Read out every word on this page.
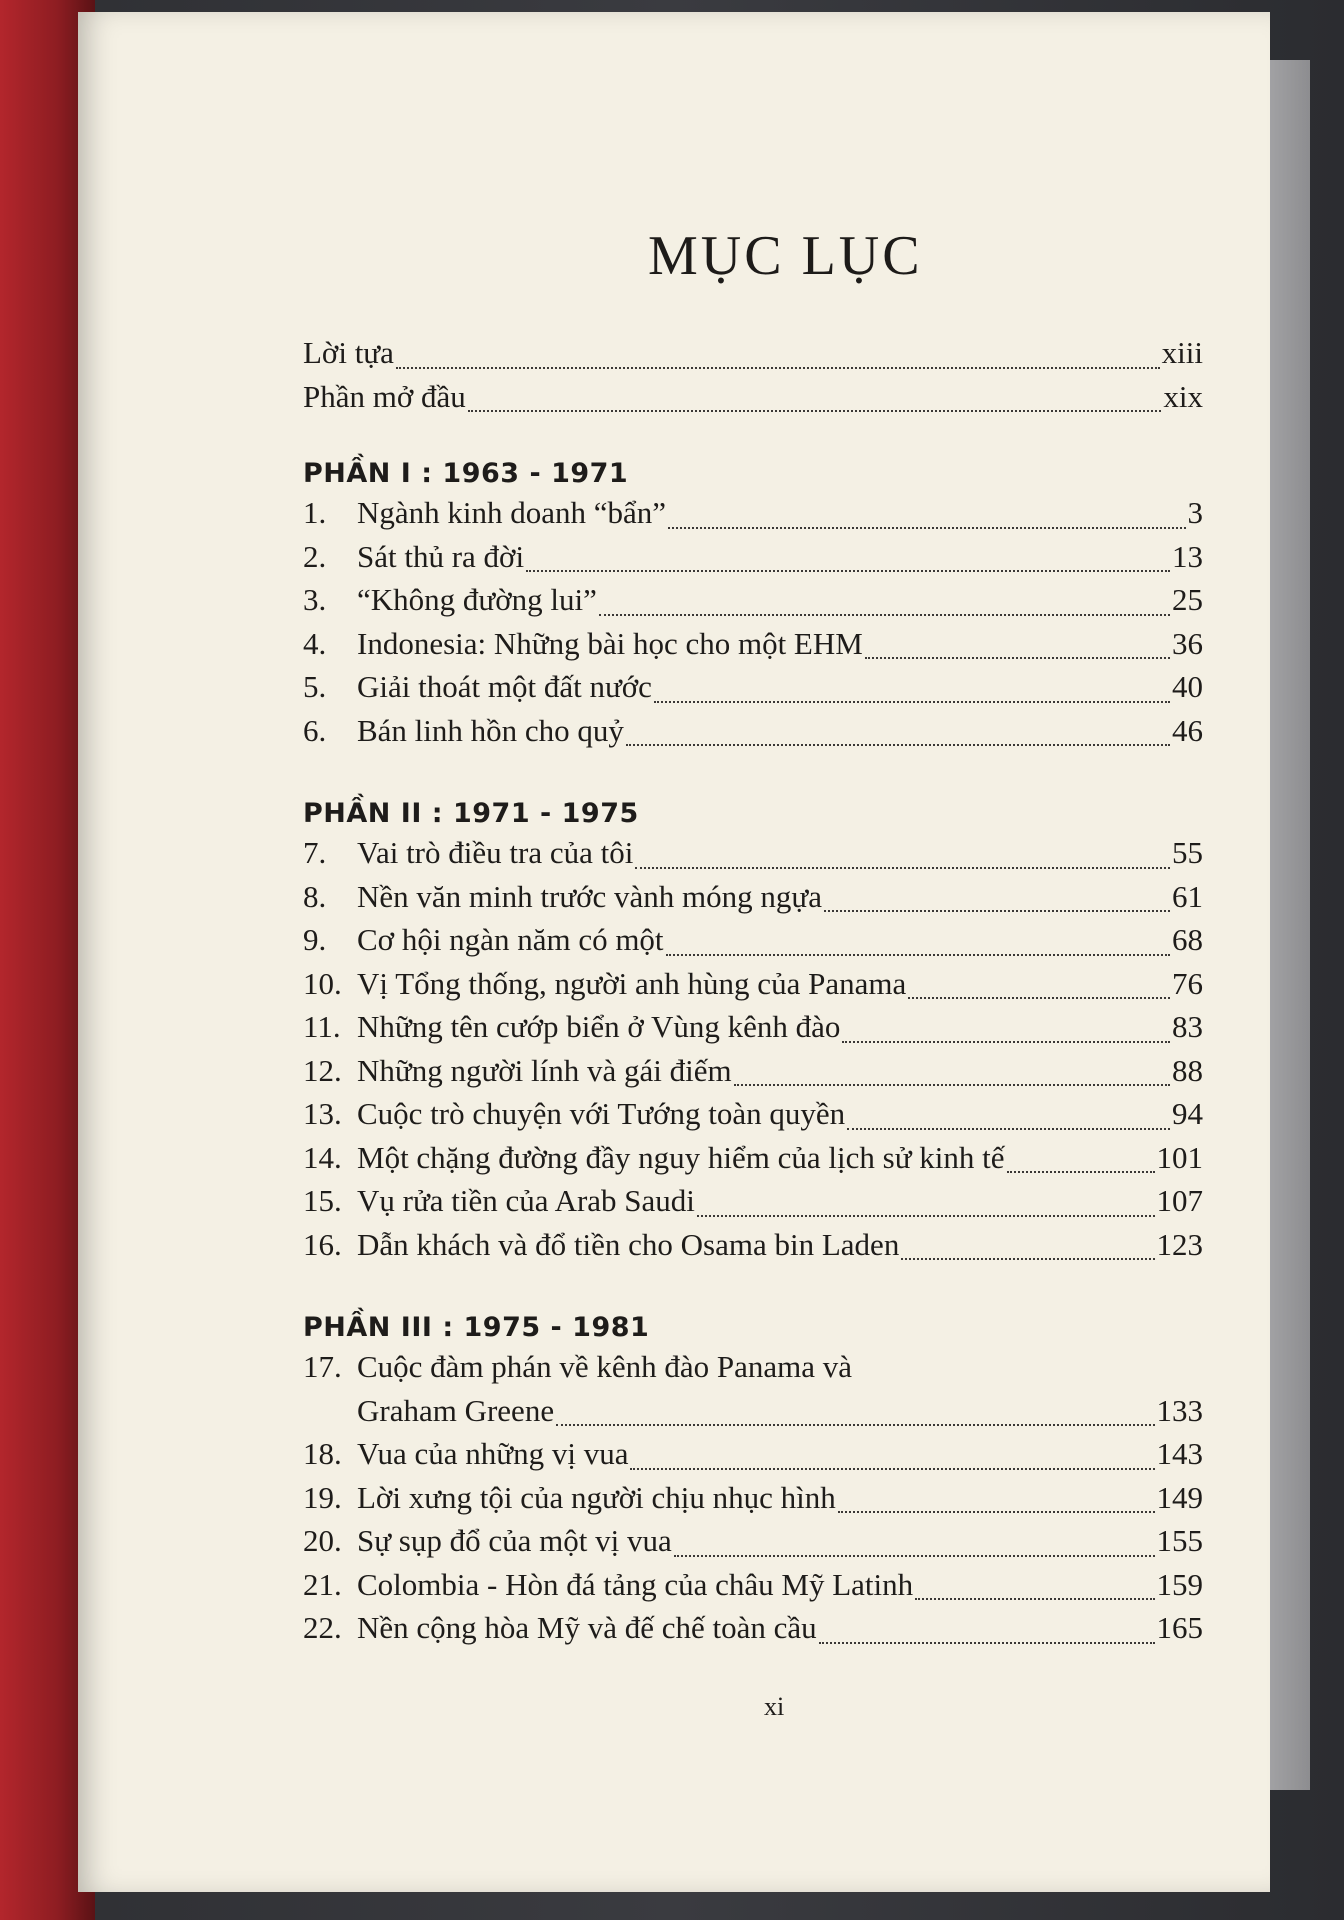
MỤC LỤC
Lời tựa	xiii
Phần mở đầu	xix
PHẦN I : 1963 - 1971
1. Ngành kinh doanh “bẩn”	3
2. Sát thủ ra đời	13
3. “Không đường lui”	25
4. Indonesia: Những bài học cho một EHM	36
5. Giải thoát một đất nước	40
6. Bán linh hồn cho quỷ	46
PHẦN II : 1971 - 1975
7. Vai trò điều tra của tôi	55
8. Nền văn minh trước vành móng ngựa	61
9. Cơ hội ngàn năm có một	68
10. Vị Tổng thống, người anh hùng của Panama	76
11. Những tên cướp biển ở Vùng kênh đào	83
12. Những người lính và gái điếm	88
13. Cuộc trò chuyện với Tướng toàn quyền	94
14. Một chặng đường đầy nguy hiểm của lịch sử kinh tế	101
15. Vụ rửa tiền của Arab Saudi	107
16. Dẫn khách và đổ tiền cho Osama bin Laden	123
PHẦN III : 1975 - 1981
17. Cuộc đàm phán về kênh đào Panama và
Graham Greene	133
18. Vua của những vị vua	143
19. Lời xưng tội của người chịu nhục hình	149
20. Sự sụp đổ của một vị vua	155
21. Colombia - Hòn đá tảng của châu Mỹ Latinh	159
22. Nền cộng hòa Mỹ và đế chế toàn cầu	165
xi
